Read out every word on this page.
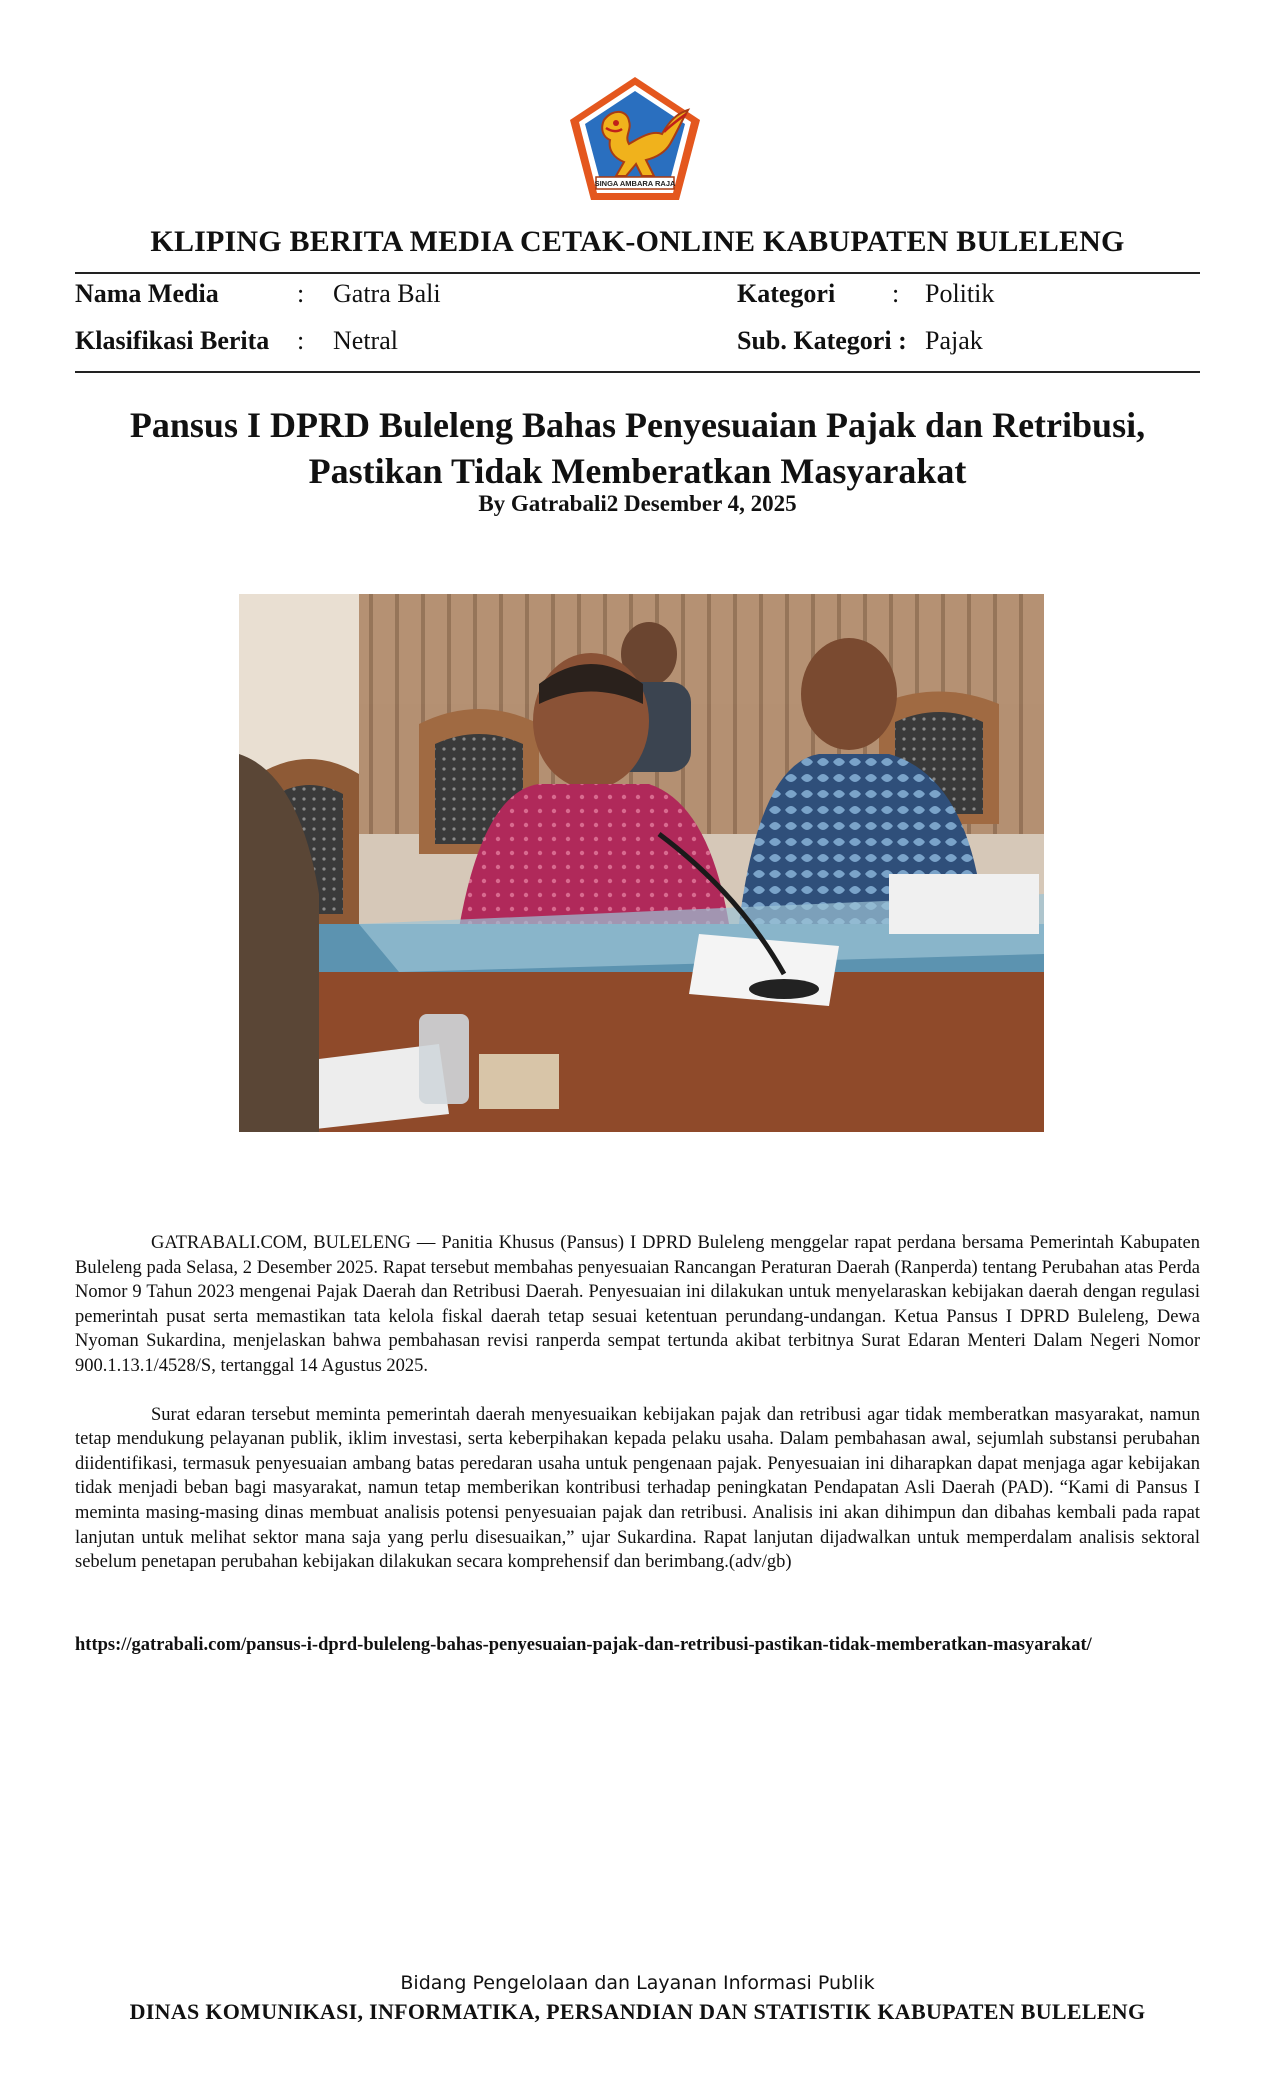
SINGA AMBARA RAJA
KLIPING BERITA MEDIA CETAK-ONLINE KABUPATEN BULELENG
Nama Media	: Gatra Bali	Kategori : Politik
Klasifikasi Berita : Netral	Sub. Kategori : Pajak
Pansus I DPRD Buleleng Bahas Penyesuaian Pajak dan Retribusi,
Pastikan Tidak Memberatkan Masyarakat
By Gatrabali2 Desember 4, 2025

GATRABALI.COM, BULELENG — Panitia Khusus (Pansus) I DPRD Buleleng menggelar rapat perdana bersama Pemerintah Kabupaten Buleleng pada Selasa, 2 Desember 2025. Rapat tersebut membahas penyesuaian Rancangan Peraturan Daerah (Ranperda) tentang Perubahan atas Perda Nomor 9 Tahun 2023 mengenai Pajak Daerah dan Retribusi Daerah. Penyesuaian ini dilakukan untuk menyelaraskan kebijakan daerah dengan regulasi pemerintah pusat serta memastikan tata kelola fiskal daerah tetap sesuai ketentuan perundang-undangan. Ketua Pansus I DPRD Buleleng, Dewa Nyoman Sukardina, menjelaskan bahwa pembahasan revisi ranperda sempat tertunda akibat terbitnya Surat Edaran Menteri Dalam Negeri Nomor 900.1.13.1/4528/S, tertanggal 14 Agustus 2025.

Surat edaran tersebut meminta pemerintah daerah menyesuaikan kebijakan pajak dan retribusi agar tidak memberatkan masyarakat, namun tetap mendukung pelayanan publik, iklim investasi, serta keberpihakan kepada pelaku usaha. Dalam pembahasan awal, sejumlah substansi perubahan diidentifikasi, termasuk penyesuaian ambang batas peredaran usaha untuk pengenaan pajak. Penyesuaian ini diharapkan dapat menjaga agar kebijakan tidak menjadi beban bagi masyarakat, namun tetap memberikan kontribusi terhadap peningkatan Pendapatan Asli Daerah (PAD). “Kami di Pansus I meminta masing-masing dinas membuat analisis potensi penyesuaian pajak dan retribusi. Analisis ini akan dihimpun dan dibahas kembali pada rapat lanjutan untuk melihat sektor mana saja yang perlu disesuaikan,” ujar Sukardina. Rapat lanjutan dijadwalkan untuk memperdalam analisis sektoral sebelum penetapan perubahan kebijakan dilakukan secara komprehensif dan berimbang.(adv/gb)

https://gatrabali.com/pansus-i-dprd-buleleng-bahas-penyesuaian-pajak-dan-retribusi-pastikan-tidak-memberatkan-masyarakat/
Bidang Pengelolaan dan Layanan Informasi Publik
DINAS KOMUNIKASI, INFORMATIKA, PERSANDIAN DAN STATISTIK KABUPATEN BULELENG
